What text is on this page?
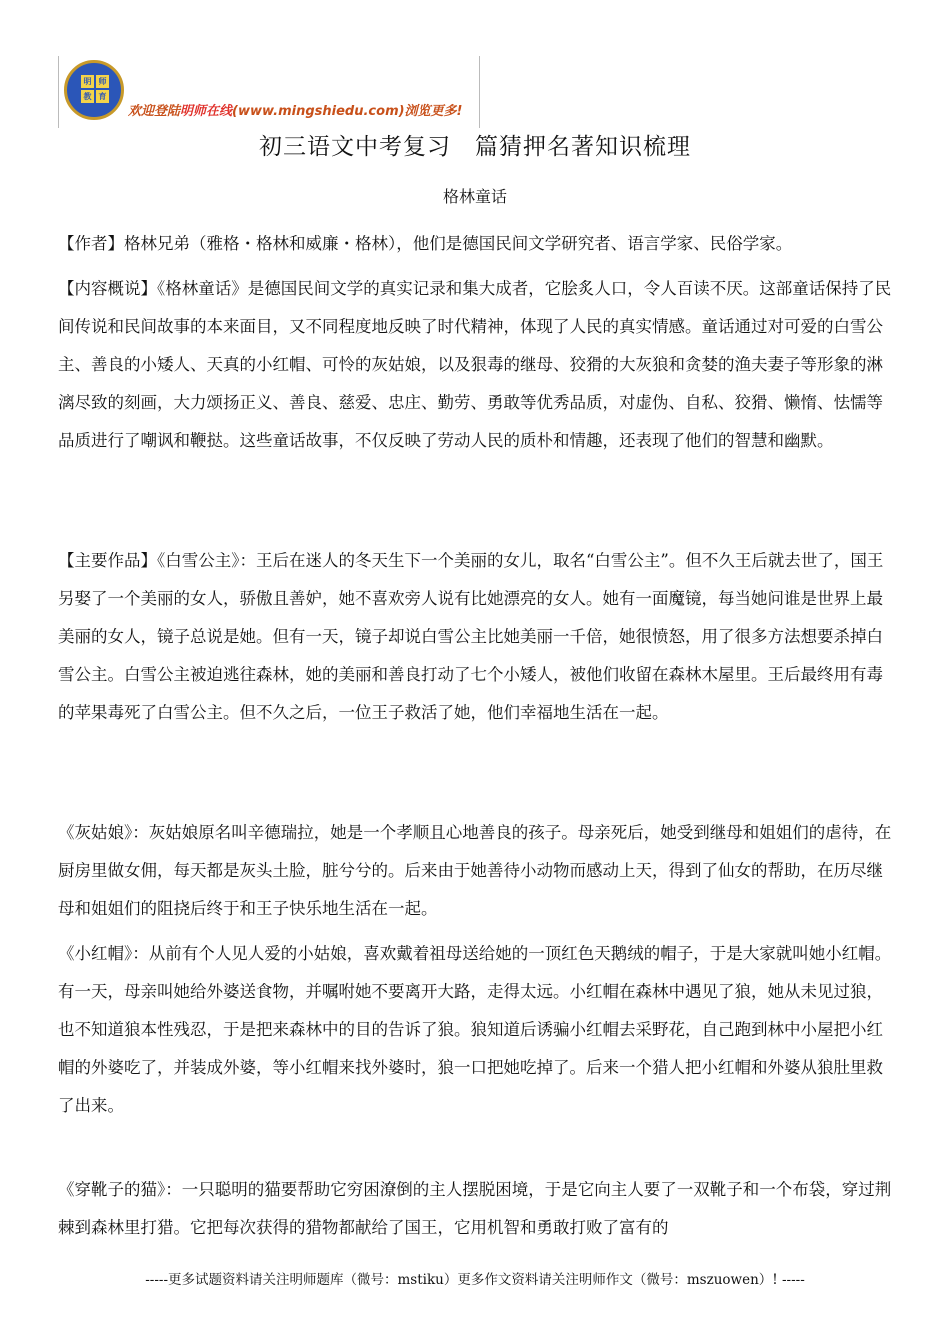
明 师
教 育
欢迎登陆明师在线(www.mingshiedu.com)浏览更多!
初三语文中考复习　篇猜押名著知识梳理
格林童话
【作者】格林兄弟（雅格・格林和威廉・格林），他们是德国民间文学研究者、语言学家、民俗学家。
【内容概说】《格林童话》是德国民间文学的真实记录和集大成者，它脍炙人口，令人百读不厌。这部童话保持了民间传说和民间故事的本来面目，又不同程度地反映了时代精神，体现了人民的真实情感。童话通过对可爱的白雪公主、善良的小矮人、天真的小红帽、可怜的灰姑娘，以及狠毒的继母、狡猾的大灰狼和贪婪的渔夫妻子等形象的淋漓尽致的刻画，大力颂扬正义、善良、慈爱、忠庄、勤劳、勇敢等优秀品质，对虚伪、自私、狡猾、懒惰、怯懦等品质进行了嘲讽和鞭挞。这些童话故事，不仅反映了劳动人民的质朴和情趣，还表现了他们的智慧和幽默。
【主要作品】《白雪公主》：王后在迷人的冬天生下一个美丽的女儿，取名“白雪公主”。但不久王后就去世了，国王另娶了一个美丽的女人，骄傲且善妒，她不喜欢旁人说有比她漂亮的女人。她有一面魔镜，每当她问谁是世界上最美丽的女人，镜子总说是她。但有一天，镜子却说白雪公主比她美丽一千倍，她很愤怒，用了很多方法想要杀掉白雪公主。白雪公主被迫逃往森林，她的美丽和善良打动了七个小矮人，被他们收留在森林木屋里。王后最终用有毒的苹果毒死了白雪公主。但不久之后，一位王子救活了她，他们幸福地生活在一起。
《灰姑娘》：灰姑娘原名叫辛德瑞拉，她是一个孝顺且心地善良的孩子。母亲死后，她受到继母和姐姐们的虐待，在厨房里做女佣，每天都是灰头土脸，脏兮兮的。后来由于她善待小动物而感动上天，得到了仙女的帮助，在历尽继母和姐姐们的阻挠后终于和王子快乐地生活在一起。
《小红帽》：从前有个人见人爱的小姑娘，喜欢戴着祖母送给她的一顶红色天鹅绒的帽子，于是大家就叫她小红帽。有一天，母亲叫她给外婆送食物，并嘱咐她不要离开大路，走得太远。小红帽在森林中遇见了狼，她从未见过狼，也不知道狼本性残忍，于是把来森林中的目的告诉了狼。狼知道后诱骗小红帽去采野花，自己跑到林中小屋把小红帽的外婆吃了，并装成外婆，等小红帽来找外婆时，狼一口把她吃掉了。后来一个猎人把小红帽和外婆从狼肚里救了出来。
《穿靴子的猫》：一只聪明的猫要帮助它穷困潦倒的主人摆脱困境，于是它向主人要了一双靴子和一个布袋，穿过荆棘到森林里打猎。它把每次获得的猎物都献给了国王，它用机智和勇敢打败了富有的
-----更多试题资料请关注明师题库（微号：mstiku）更多作文资料请关注明师作文（微号：mszuowen）! -----
